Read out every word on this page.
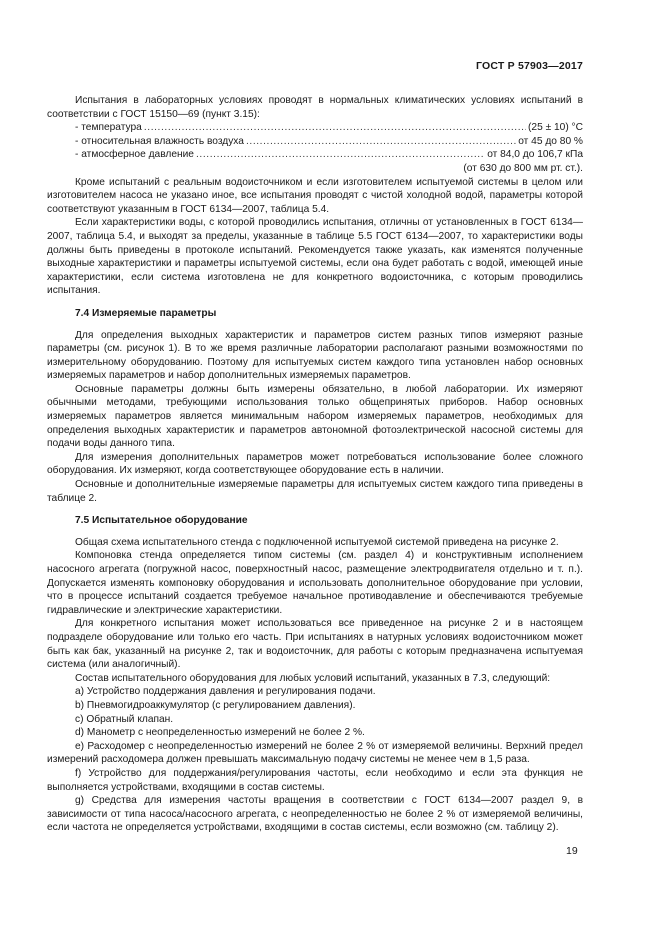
ГОСТ Р 57903—2017

Испытания в лабораторных условиях проводят в нормальных климатических условиях испытаний в соответствии с ГОСТ 15150—69 (пункт 3.15):

- температура .....	(25 ± 10) °С
- относительная влажность воздуха .....	от 45 до 80 %
- атмосферное давление .....	от 84,0 до 106,7 кПа

(от 630 до 800 мм рт. ст.).

Кроме испытаний с реальным водоисточником и если изготовителем испытуемой системы в целом или изготовителем насоса не указано иное, все испытания проводят с чистой холодной водой, параметры которой соответствуют указанным в ГОСТ 6134—2007, таблица 5.4.

Если характеристики воды, с которой проводились испытания, отличны от установленных в ГОСТ 6134—2007, таблица 5.4, и выходят за пределы, указанные в таблице 5.5 ГОСТ 6134—2007, то характеристики воды должны быть приведены в протоколе испытаний. Рекомендуется также указать, как изменятся полученные выходные характеристики и параметры испытуемой системы, если она будет работать с водой, имеющей иные характеристики, если система изготовлена не для конкретного водоисточника, с которым проводились испытания.

7.4 Измеряемые параметры

Для определения выходных характеристик и параметров систем разных типов измеряют разные параметры (см. рисунок 1). В то же время различные лаборатории располагают разными возможностями по измерительному оборудованию. Поэтому для испытуемых систем каждого типа установлен набор основных измеряемых параметров и набор дополнительных измеряемых параметров.

Основные параметры должны быть измерены обязательно, в любой лаборатории. Их измеряют обычными методами, требующими использования только общепринятых приборов. Набор основных измеряемых параметров является минимальным набором измеряемых параметров, необходимых для определения выходных характеристик и параметров автономной фотоэлектрической насосной системы для подачи воды данного типа.

Для измерения дополнительных параметров может потребоваться использование более сложного оборудования. Их измеряют, когда соответствующее оборудование есть в наличии.

Основные и дополнительные измеряемые параметры для испытуемых систем каждого типа приведены в таблице 2.

7.5 Испытательное оборудование

Общая схема испытательного стенда с подключенной испытуемой системой приведена на рисунке 2.

Компоновка стенда определяется типом системы (см. раздел 4) и конструктивным исполнением насосного агрегата (погружной насос, поверхностный насос, размещение электродвигателя отдельно и т. п.). Допускается изменять компоновку оборудования и использовать дополнительное оборудование при условии, что в процессе испытаний создается требуемое начальное противодавление и обеспечиваются требуемые гидравлические и электрические характеристики.

Для конкретного испытания может использоваться все приведенное на рисунке 2 и в настоящем подразделе оборудование или только его часть. При испытаниях в натурных условиях водоисточником может быть как бак, указанный на рисунке 2, так и водоисточник, для работы с которым предназначена испытуемая система (или аналогичный).

Состав испытательного оборудования для любых условий испытаний, указанных в 7.3, следующий:

a) Устройство поддержания давления и регулирования подачи.

b) Пневмогидроаккумулятор (с регулированием давления).

c) Обратный клапан.

d) Манометр с неопределенностью измерений не более 2 %.

e) Расходомер с неопределенностью измерений не более 2 % от измеряемой величины. Верхний предел измерений расходомера должен превышать максимальную подачу системы не менее чем в 1,5 раза.

f) Устройство для поддержания/регулирования частоты, если необходимо и если эта функция не выполняется устройствами, входящими в состав системы.

g) Средства для измерения частоты вращения в соответствии с ГОСТ 6134—2007 раздел 9, в зависимости от типа насоса/насосного агрегата, с неопределенностью не более 2 % от измеряемой величины, если частота не определяется устройствами, входящими в состав системы, если возможно (см. таблицу 2).

19
